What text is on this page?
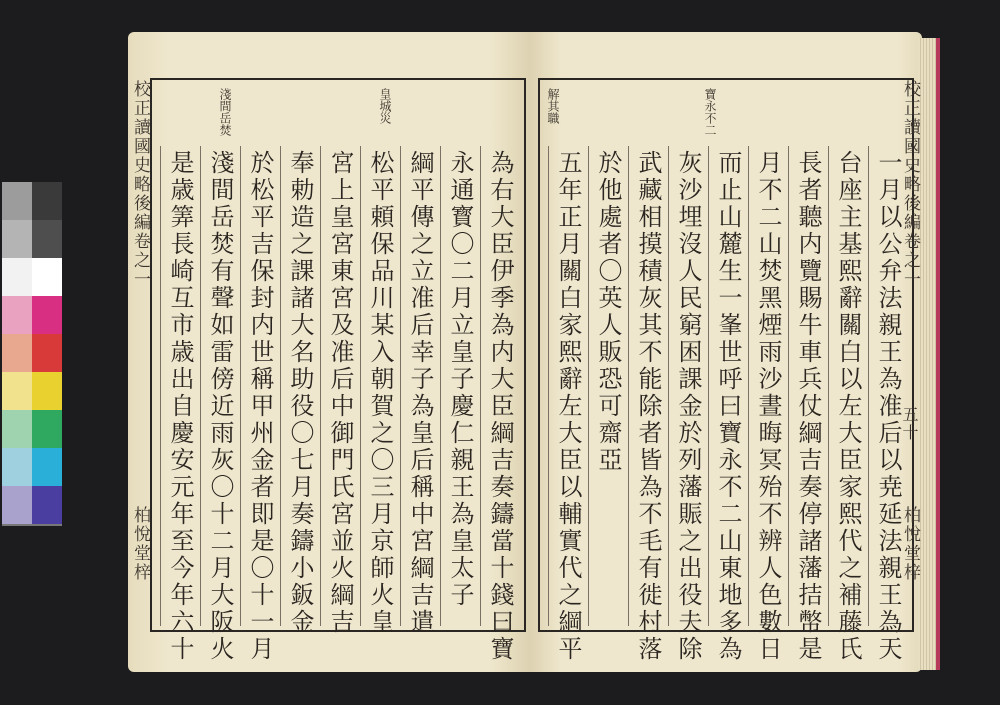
校正讀國史略後編卷之一
柏悅堂梓
淺間岳焚	皇城災	校正讀國史略後編卷之一
五十
柏悅堂梓
解其職	寶永不二
為右大臣伊季為内大臣綱吉奏鑄當十錢曰寶
永通寳〇二月立皇子慶仁親王為皇太子
綱平傳之立准后幸子為皇后稱中宮綱吉遣
松平頼保品川某入朝賀之〇三月京師火皇
宮上皇宮東宮及准后中御門氏宮並火綱吉
奉勅造之課諸大名助役〇七月奏鑄小鈑金
於松平吉保封内世稱甲州金者即是〇十一月
淺間岳焚有聲如雷傍近雨灰〇十二月大阪火
是歳筭長崎互市歳出自慶安元年至今年六十	一月以公弁法親王為准后以尭延法親王為天
台座主基熙辭關白以左大臣家熙代之補藤氏
長者聽内覽賜牛車兵仗綱吉奏停諸藩拮幣是
月不二山焚黑煙雨沙晝晦冥殆不辨人色數日
而止山麓生一峯世呼曰寶永不二山東地多為
灰沙埋沒人民窮困課金於列藩賑之出役夫除
武藏相摸積灰其不能除者皆為不毛有徙村落
於他處者〇英人販恐可齋亞
五年正月關白家熙辭左大臣以輔實代之綱平
